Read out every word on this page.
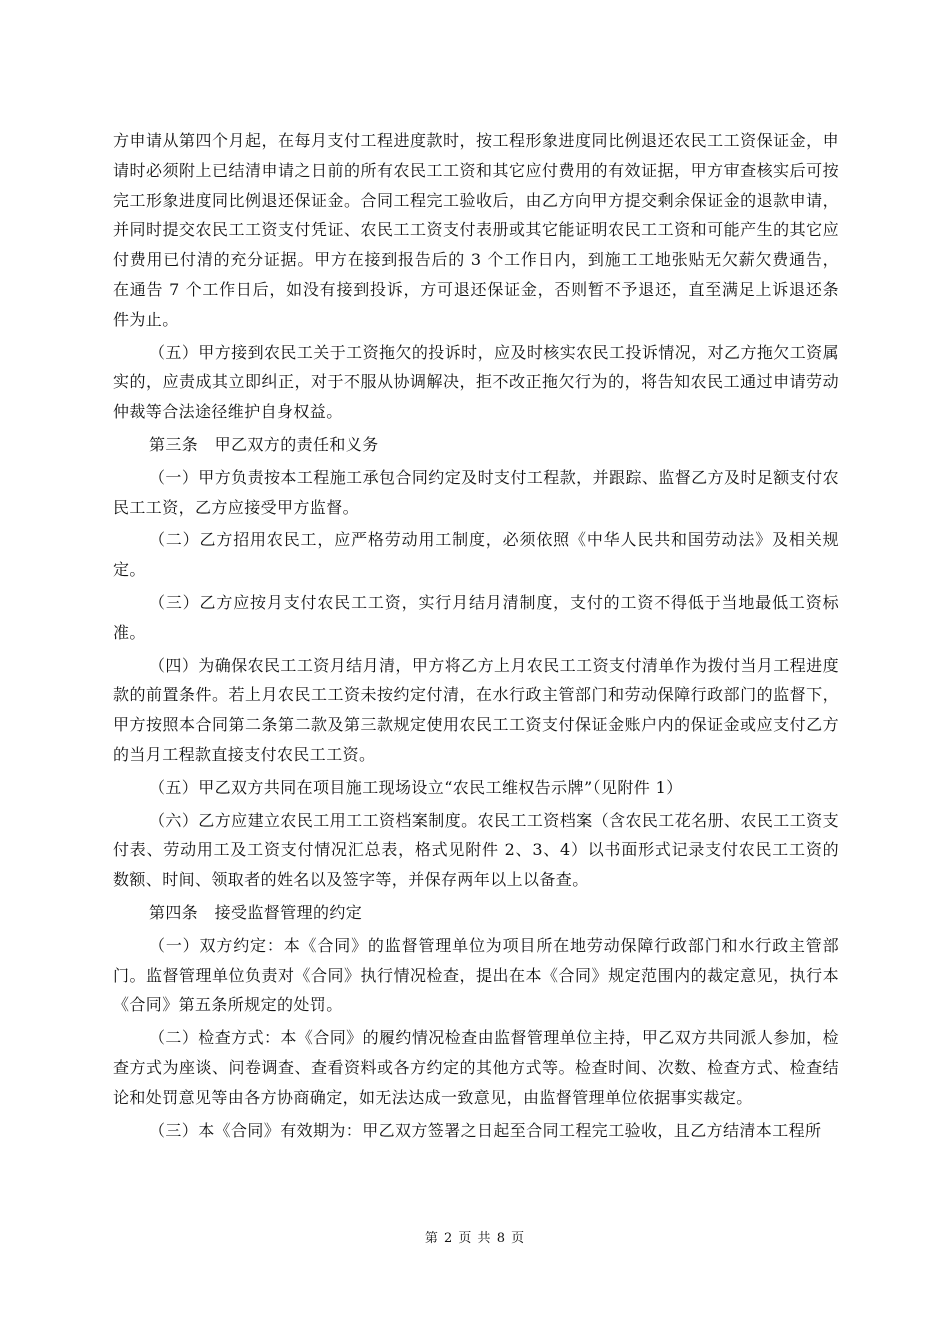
方申请从第四个月起，在每月支付工程进度款时，按工程形象进度同比例退还农民工工资保证金，申请时必须附上已结清申请之日前的所有农民工工资和其它应付费用的有效证据，甲方审查核实后可按完工形象进度同比例退还保证金。合同工程完工验收后，由乙方向甲方提交剩余保证金的退款申请，并同时提交农民工工资支付凭证、农民工工资支付表册或其它能证明农民工工资和可能产生的其它应付费用已付清的充分证据。甲方在接到报告后的 3 个工作日内，到施工工地张贴无欠薪欠费通告，在通告 7 个工作日后，如没有接到投诉，方可退还保证金，否则暂不予退还，直至满足上诉退还条件为止。

（五）甲方接到农民工关于工资拖欠的投诉时，应及时核实农民工投诉情况，对乙方拖欠工资属实的，应责成其立即纠正，对于不服从协调解决，拒不改正拖欠行为的，将告知农民工通过申请劳动仲裁等合法途径维护自身权益。

第三条　甲乙双方的责任和义务

（一）甲方负责按本工程施工承包合同约定及时支付工程款，并跟踪、监督乙方及时足额支付农民工工资，乙方应接受甲方监督。

（二）乙方招用农民工，应严格劳动用工制度，必须依照《中华人民共和国劳动法》及相关规定。

（三）乙方应按月支付农民工工资，实行月结月清制度，支付的工资不得低于当地最低工资标准。

（四）为确保农民工工资月结月清，甲方将乙方上月农民工工资支付清单作为拨付当月工程进度款的前置条件。若上月农民工工资未按约定付清，在水行政主管部门和劳动保障行政部门的监督下，甲方按照本合同第二条第二款及第三款规定使用农民工工资支付保证金账户内的保证金或应支付乙方的当月工程款直接支付农民工工资。

（五）甲乙双方共同在项目施工现场设立“农民工维权告示牌”（见附件 1）

（六）乙方应建立农民工用工工资档案制度。农民工工资档案（含农民工花名册、农民工工资支付表、劳动用工及工资支付情况汇总表，格式见附件 2、3、4）以书面形式记录支付农民工工资的数额、时间、领取者的姓名以及签字等，并保存两年以上以备查。

第四条　接受监督管理的约定

（一）双方约定：本《合同》的监督管理单位为项目所在地劳动保障行政部门和水行政主管部门。监督管理单位负责对《合同》执行情况检查，提出在本《合同》规定范围内的裁定意见，执行本《合同》第五条所规定的处罚。

（二）检查方式：本《合同》的履约情况检查由监督管理单位主持，甲乙双方共同派人参加，检查方式为座谈、问卷调查、查看资料或各方约定的其他方式等。检查时间、次数、检查方式、检查结论和处罚意见等由各方协商确定，如无法达成一致意见，由监督管理单位依据事实裁定。

（三）本《合同》有效期为：甲乙双方签署之日起至合同工程完工验收，且乙方结清本工程所

第 2 页 共 8 页
